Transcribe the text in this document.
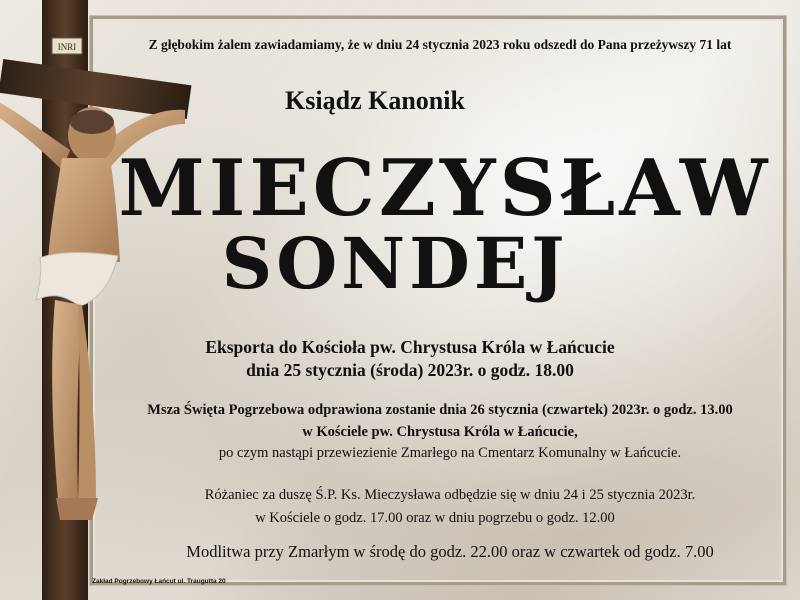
INRI	Z głębokim żalem zawiadamiamy, że w dniu 24 stycznia 2023 roku odszedł do Pana przeżywszy 71 lat
Ksiądz Kanonik
MIECZYSŁAW
SONDEJ
Eksporta do Kościoła pw. Chrystusa Króla w Łańcucie
dnia 25 stycznia (środa) 2023r. o godz. 18.00
Msza Święta Pogrzebowa odprawiona zostanie dnia 26 stycznia (czwartek) 2023r. o godz. 13.00
w Kościele pw. Chrystusa Króla w Łańcucie,
po czym nastąpi przewiezienie Zmarłego na Cmentarz Komunalny w Łańcucie.
Różaniec za duszę Ś.P. Ks. Mieczysława odbędzie się w dniu 24 i 25 stycznia 2023r.
w Kościele o godz. 17.00 oraz w dniu pogrzebu o godz. 12.00
Modlitwa przy Zmarłym w środę do godz. 22.00 oraz w czwartek od godz. 7.00
Zakład Pogrzebowy Łańcut ul. Traugutta 20
